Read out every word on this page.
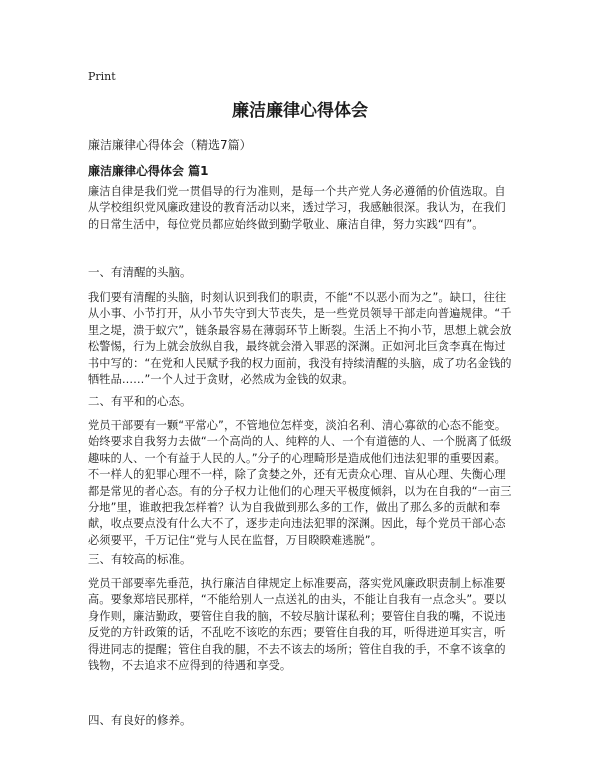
Print
廉洁廉律心得体会
廉洁廉律心得体会（精选7篇）
廉洁廉律心得体会 篇1

廉洁自律是我们党一贯倡导的行为准则，是每一个共产党人务必遵循的价值选取。自从学校组织党风廉政建设的教育活动以来，透过学习，我感触很深。我认为，在我们的日常生活中，每位党员都应始终做到勤学敬业、廉洁自律，努力实践“四有”。

一、有清醒的头脑。

我们要有清醒的头脑，时刻认识到我们的职责，不能“不以恶小而为之”。缺口，往往从小事、小节打开，从小节失守到大节丧失，是一些党员领导干部走向普遍规律。“千里之堤，溃于蚁穴”，链条最容易在薄弱环节上断裂。生活上不拘小节，思想上就会放松警惕，行为上就会放纵自我，最终就会滑入罪恶的深渊。正如河北巨贪李真在悔过书中写的：“在党和人民赋予我的权力面前，我没有持续清醒的头脑，成了功名金钱的牺牲品……”一个人过于贪财，必然成为金钱的奴隶。

二、有平和的心态。

党员干部要有一颗“平常心”，不管地位怎样变，淡泊名利、清心寡欲的心态不能变。始终要求自我努力去做“一个高尚的人、纯粹的人、一个有道德的人、一个脱离了低级趣味的人、一个有益于人民的人。”分子的心理畸形是造成他们违法犯罪的重要因素。不一样人的犯罪心理不一样，除了贪婪之外，还有无责众心理、盲从心理、失衡心理都是常见的者心态。有的分子权力让他们的心理天平极度倾斜，以为在自我的“一亩三分地”里，谁敢把我怎样着？认为自我做到那么多的工作，做出了那么多的贡献和奉献，收点要点没有什么大不了，逐步走向违法犯罪的深渊。因此，每个党员干部心态必须要平，千万记住“党与人民在监督，万目睽睽难逃脱”。

三、有较高的标准。

党员干部要率先垂范，执行廉洁自律规定上标准要高，落实党风廉政职责制上标准要高。要象郑培民那样，“不能给别人一点送礼的由头，不能让自我有一点念头”。要以身作则，廉洁勤政，要管住自我的脑，不较尽脑计谋私利；要管住自我的嘴，不说违反党的方针政策的话，不乱吃不该吃的东西；要管住自我的耳，听得进逆耳实言，听得进同志的提醒；管住自我的腿，不去不该去的场所；管住自我的手，不拿不该拿的钱物，不去追求不应得到的待遇和享受。

四、有良好的修养。
